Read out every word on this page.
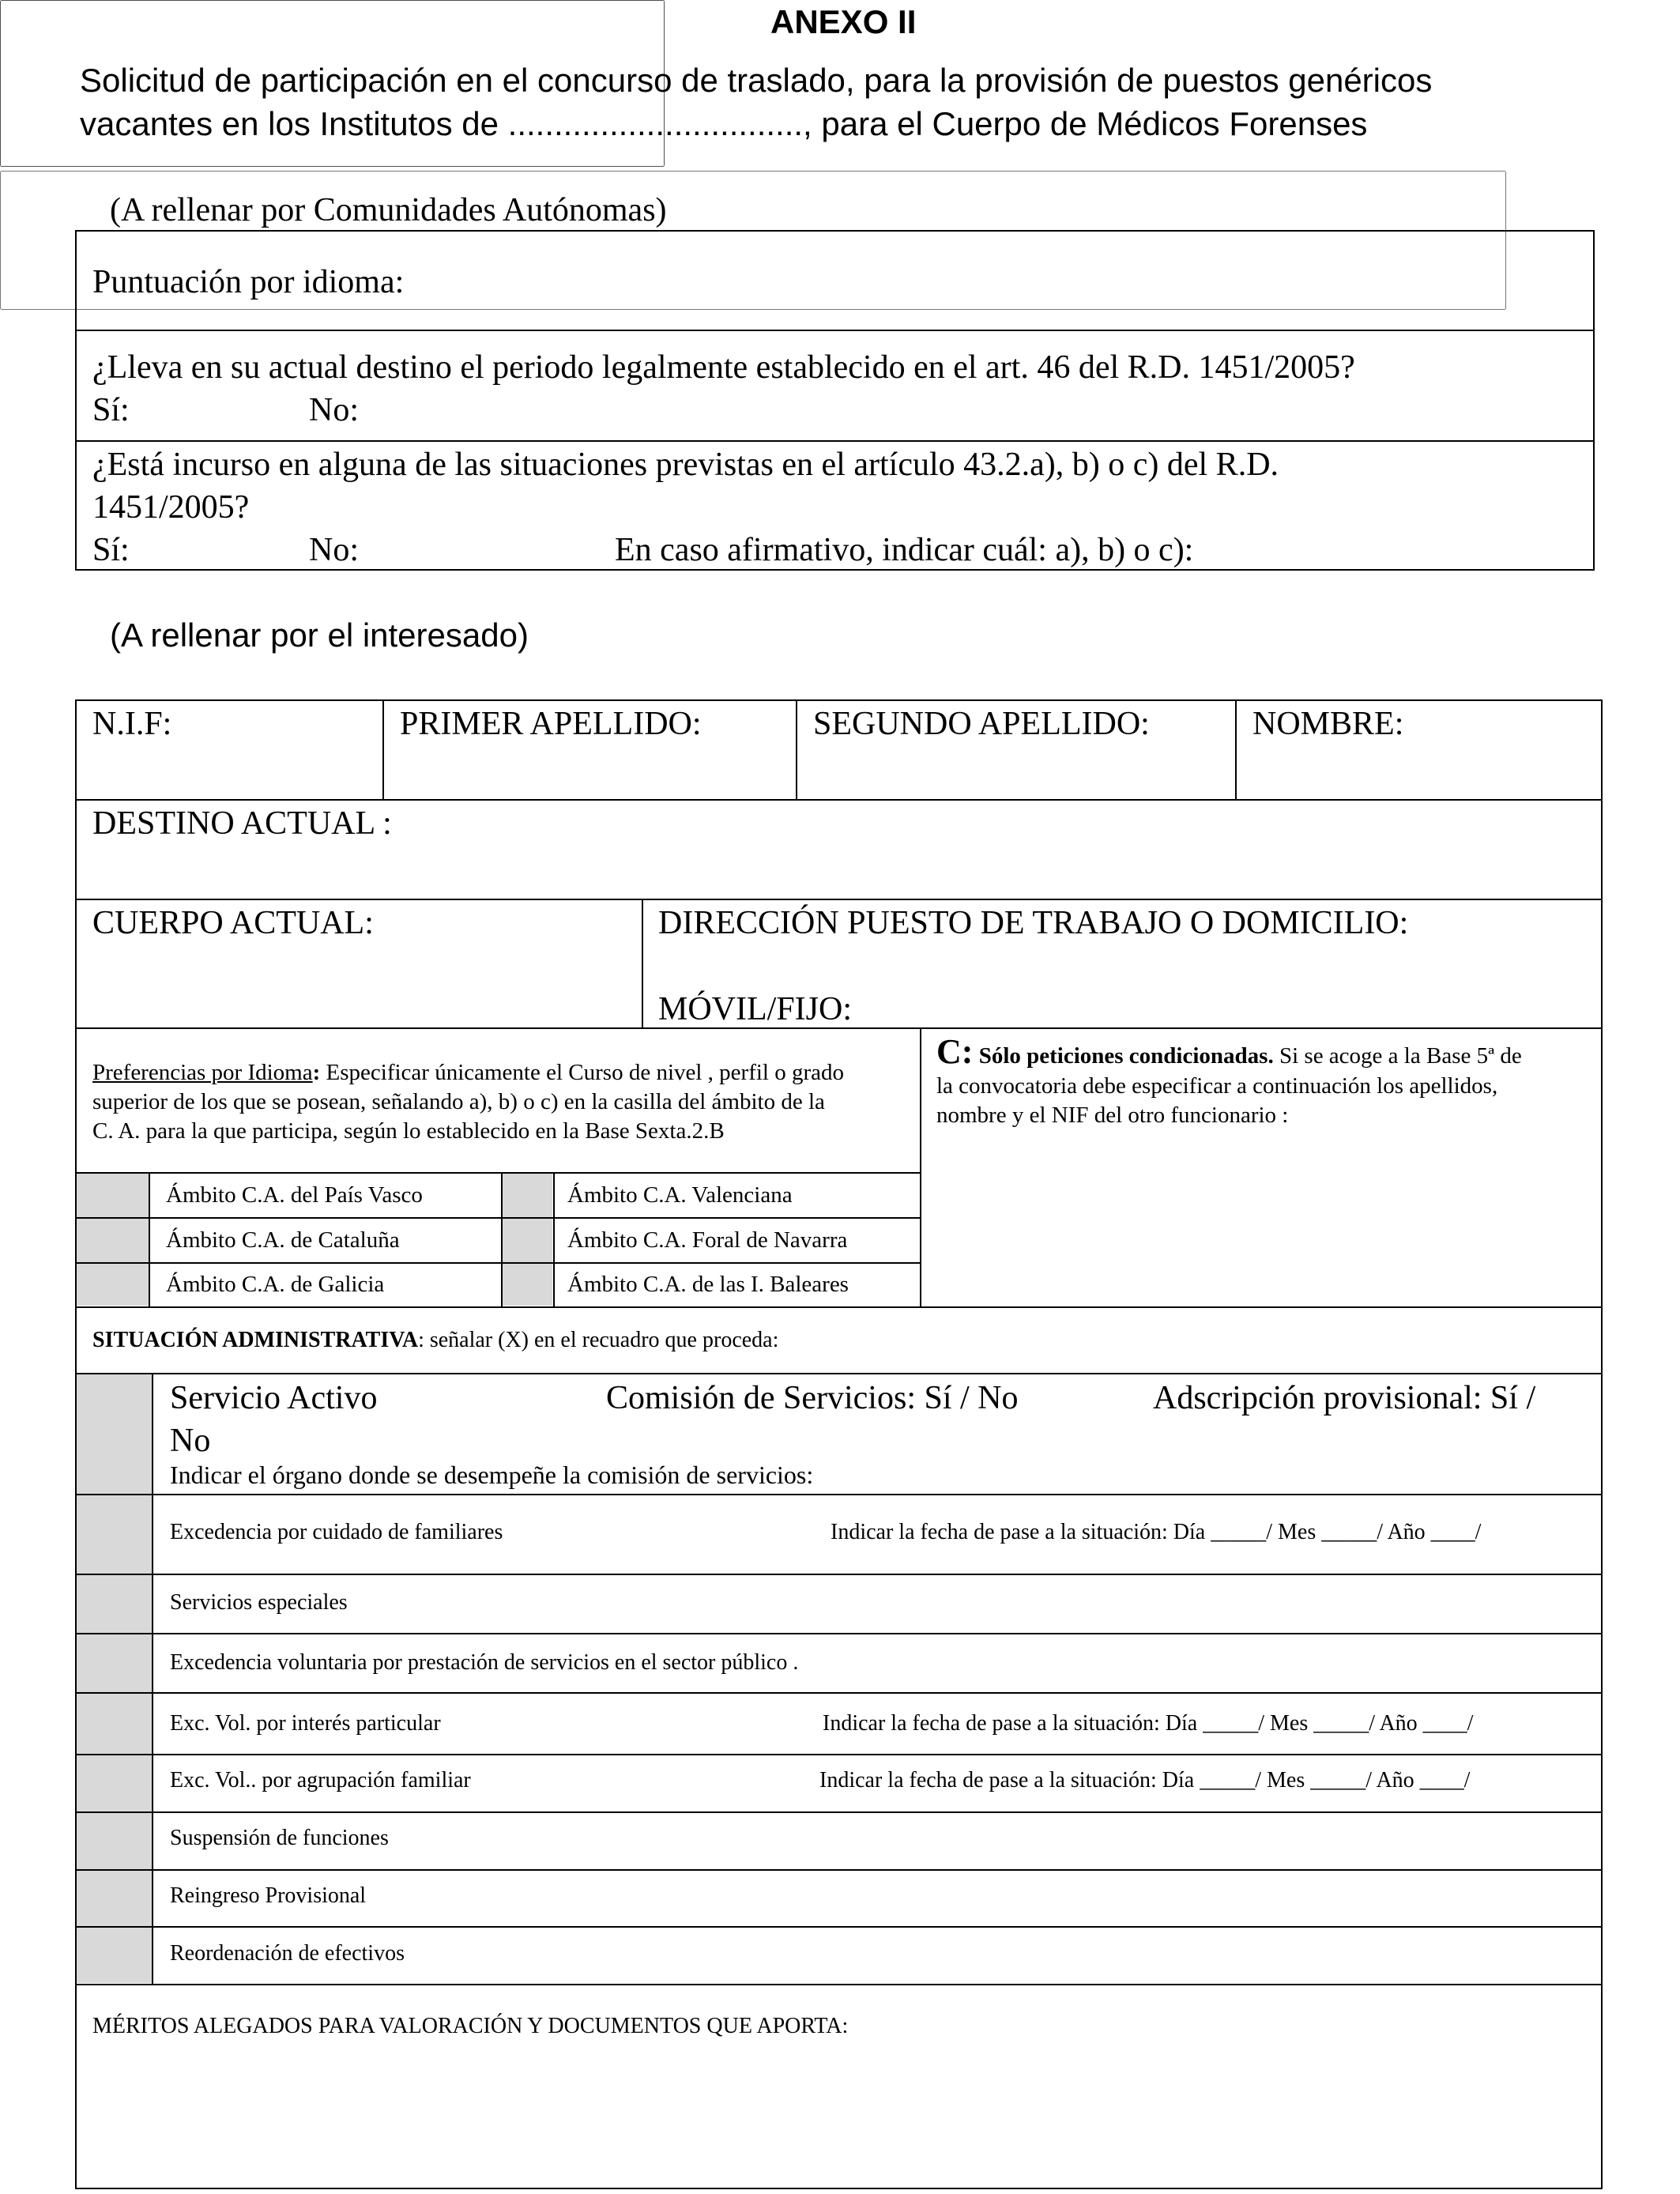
ANEXO II
Solicitud de participación en el concurso de traslado, para la provisión de puestos genéricos
vacantes en los Institutos de ................................, para el Cuerpo de Médicos Forenses
(A rellenar por Comunidades Autónomas)
Puntuación por idioma:
¿Lleva en su actual destino el periodo legalmente establecido en el art. 46 del R.D. 1451/2005?
Sí:	No:
¿Está incurso en alguna de las situaciones previstas en el artículo 43.2.a), b) o c) del R.D.
1451/2005?
Sí:	No:	En caso afirmativo, indicar cuál: a), b) o c):
(A rellenar por el interesado)
N.I.F:	PRIMER APELLIDO:	SEGUNDO APELLIDO:	NOMBRE:
DESTINO ACTUAL :
CUERPO ACTUAL:	DIRECCIÓN PUESTO DE TRABAJO O DOMICILIO:
MÓVIL/FIJO:
Preferencias por Idioma: Especificar únicamente el Curso de nivel , perfil o grado
superior de los que se posean, señalando a), b) o c) en la casilla del ámbito de la
C. A. para la que participa, según lo establecido en la Base Sexta.2.B
C: Sólo peticiones condicionadas. Si se acoge a la Base 5ª de
la convocatoria debe especificar a continuación los apellidos,
nombre y el NIF del otro funcionario :

Ámbito C.A. del País Vasco	Ámbito C.A. Valenciana
Ámbito C.A. de Cataluña	Ámbito C.A. Foral de Navarra
Ámbito C.A. de Galicia	Ámbito C.A. de las I. Baleares
SITUACIÓN ADMINISTRATIVA: señalar (X) en el recuadro que proceda:
Servicio Activo	Comisión de Servicios: Sí / No	Adscripción provisional: Sí /
No
Indicar el órgano donde se desempeñe la comisión de servicios:
Excedencia por cuidado de familiares	Indicar la fecha de pase a la situación: Día _____/ Mes _____/ Año ____/
Servicios especiales
Excedencia voluntaria por prestación de servicios en el sector público .
Exc. Vol. por interés particular	Indicar la fecha de pase a la situación: Día _____/ Mes _____/ Año ____/
Exc. Vol.. por agrupación familiar	Indicar la fecha de pase a la situación: Día _____/ Mes _____/ Año ____/
Suspensión de funciones
Reingreso Provisional
Reordenación de efectivos
MÉRITOS ALEGADOS PARA VALORACIÓN Y DOCUMENTOS QUE APORTA:
